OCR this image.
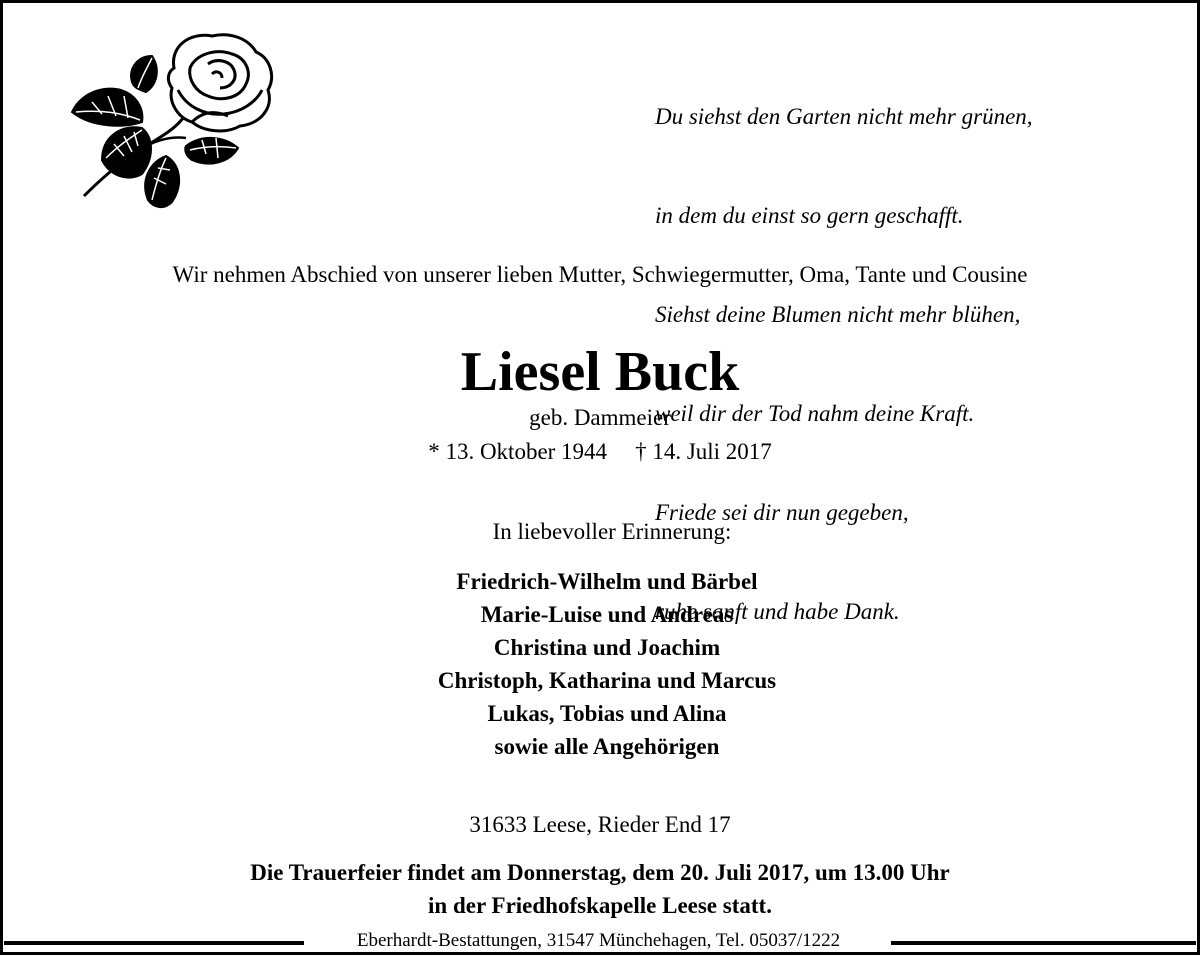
Du siehst den Garten nicht mehr grünen,

in dem du einst so gern geschafft.

Siehst deine Blumen nicht mehr blühen,

weil dir der Tod nahm deine Kraft.

Friede sei dir nun gegeben,

ruhe sanft und habe Dank.

Wir nehmen Abschied von unserer lieben Mutter, Schwiegermutter, Oma, Tante und Cousine
Liesel Buck
geb. Dammeier
* 13. Oktober 1944 † 14. Juli 2017
In liebevoller Erinnerung:
Friedrich-Wilhelm und Bärbel
Marie-Luise und Andreas
Christina und Joachim
Christoph, Katharina und Marcus
Lukas, Tobias und Alina
sowie alle Angehörigen
31633 Leese, Rieder End 17
Die Trauerfeier findet am Donnerstag, dem 20. Juli 2017, um 13.00 Uhr
in der Friedhofskapelle Leese statt.
Eberhardt-Bestattungen, 31547 Münchehagen, Tel. 05037/1222
